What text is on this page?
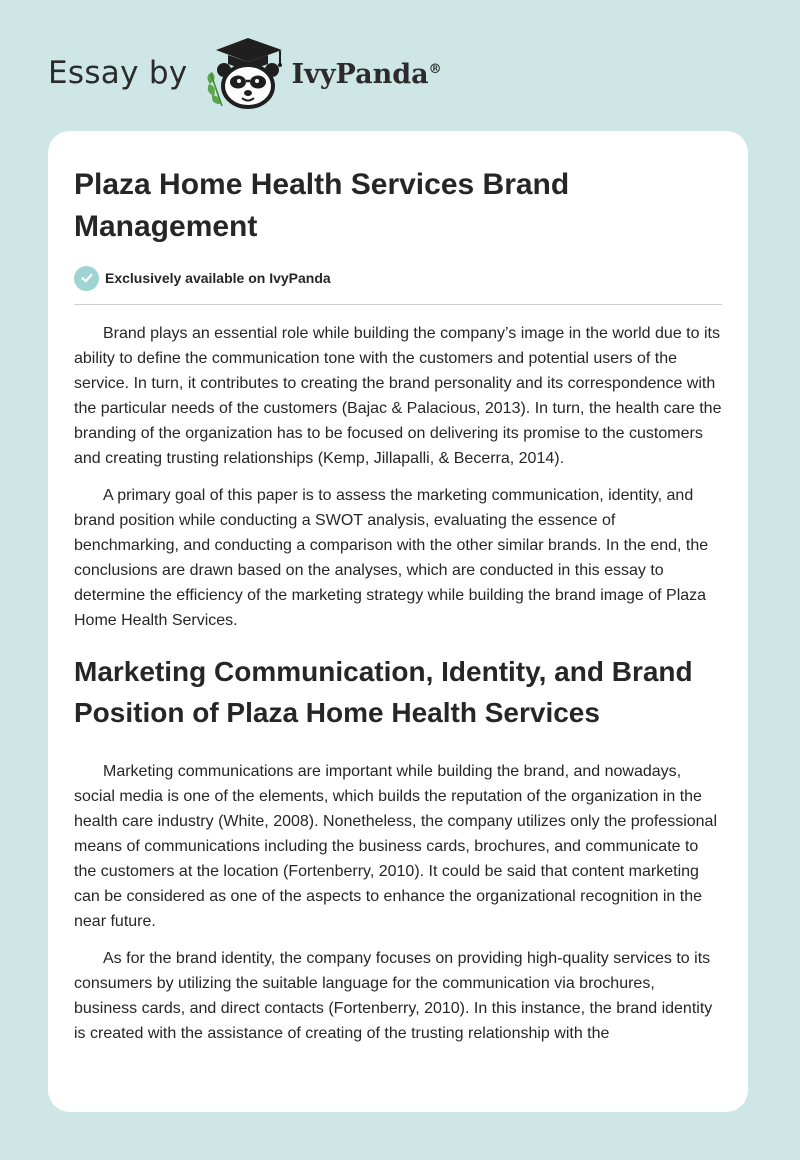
Essay by	IvyPanda®
Plaza Home Health Services Brand Management
Exclusively available on IvyPanda

Brand plays an essential role while building the company’s image in the world due to its ability to define the communication tone with the customers and potential users of the service. In turn, it contributes to creating the brand personality and its correspondence with the particular needs of the customers (Bajac & Palacious, 2013). In turn, the health care the branding of the organization has to be focused on delivering its promise to the customers and creating trusting relationships (Kemp, Jillapalli, & Becerra, 2014).

A primary goal of this paper is to assess the marketing communication, identity, and brand position while conducting a SWOT analysis, evaluating the essence of benchmarking, and conducting a comparison with the other similar brands. In the end, the conclusions are drawn based on the analyses, which are conducted in this essay to determine the efficiency of the marketing strategy while building the brand image of Plaza Home Health Services.

Marketing Communication, Identity, and Brand Position of Plaza Home Health Services

Marketing communications are important while building the brand, and nowadays, social media is one of the elements, which builds the reputation of the organization in the health care industry (White, 2008). Nonetheless, the company utilizes only the professional means of communications including the business cards, brochures, and communicate to the customers at the location (Fortenberry, 2010). It could be said that content marketing can be considered as one of the aspects to enhance the organizational recognition in the near future.

As for the brand identity, the company focuses on providing high-quality services to its consumers by utilizing the suitable language for the communication via brochures, business cards, and direct contacts (Fortenberry, 2010). In this instance, the brand identity is created with the assistance of creating of the trusting relationship with the
